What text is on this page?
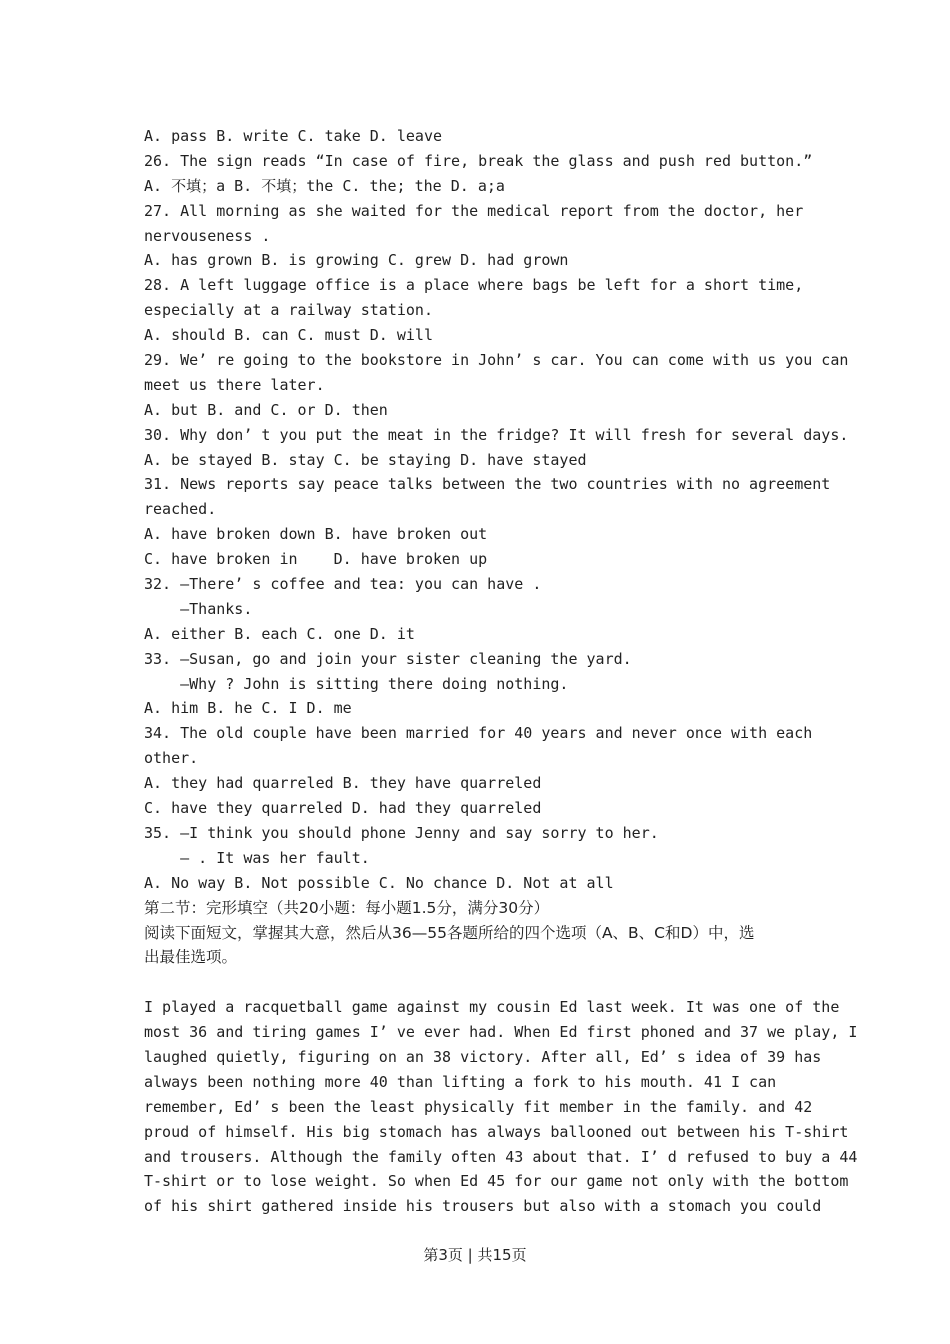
A. pass B. write C. take D. leave
26. The sign reads “In case of fire, break the glass and push red button.”
A. 不填；a B. 不填；the C. the; the D. a;a
27. All morning as she waited for the medical report from the doctor, her
nervouseness .
A. has grown B. is growing C. grew D. had grown
28. A left luggage office is a place where bags be left for a short time,
especially at a railway station.
A. should B. can C. must D. will
29. We’ re going to the bookstore in John’ s car. You can come with us you can
meet us there later.
A. but B. and C. or D. then
30. Why don’ t you put the meat in the fridge? It will fresh for several days.
A. be stayed B. stay C. be staying D. have stayed
31. News reports say peace talks between the two countries with no agreement
reached.
A. have broken down B. have broken out
C. have broken in    D. have broken up
32. —There’ s coffee and tea: you can have .
—Thanks.
A. either B. each C. one D. it
33. —Susan, go and join your sister cleaning the yard.
—Why ? John is sitting there doing nothing.
A. him B. he C. I D. me
34. The old couple have been married for 40 years and never once with each
other.
A. they had quarreled B. they have quarreled
C. have they quarreled D. had they quarreled
35. —I think you should phone Jenny and say sorry to her.
— . It was her fault.
A. No way B. Not possible C. No chance D. Not at all
第二节：完形填空（共20小题：每小题1.5分，满分30分）
阅读下面短文，掌握其大意，然后从36—55各题所给的四个选项（A、B、C和D）中，选
出最佳选项。
I played a racquetball game against my cousin Ed last week. It was one of the
most 36 and tiring games I’ ve ever had. When Ed first phoned and 37 we play, I
laughed quietly, figuring on an 38 victory. After all, Ed’ s idea of 39 has
always been nothing more 40 than lifting a fork to his mouth. 41 I can
remember, Ed’ s been the least physically fit member in the family. and 42
proud of himself. His big stomach has always ballooned out between his T-shirt
and trousers. Although the family often 43 about that. I’ d refused to buy a 44
T-shirt or to lose weight. So when Ed 45 for our game not only with the bottom
of his shirt gathered inside his trousers but also with a stomach you could
第3页 | 共15页
